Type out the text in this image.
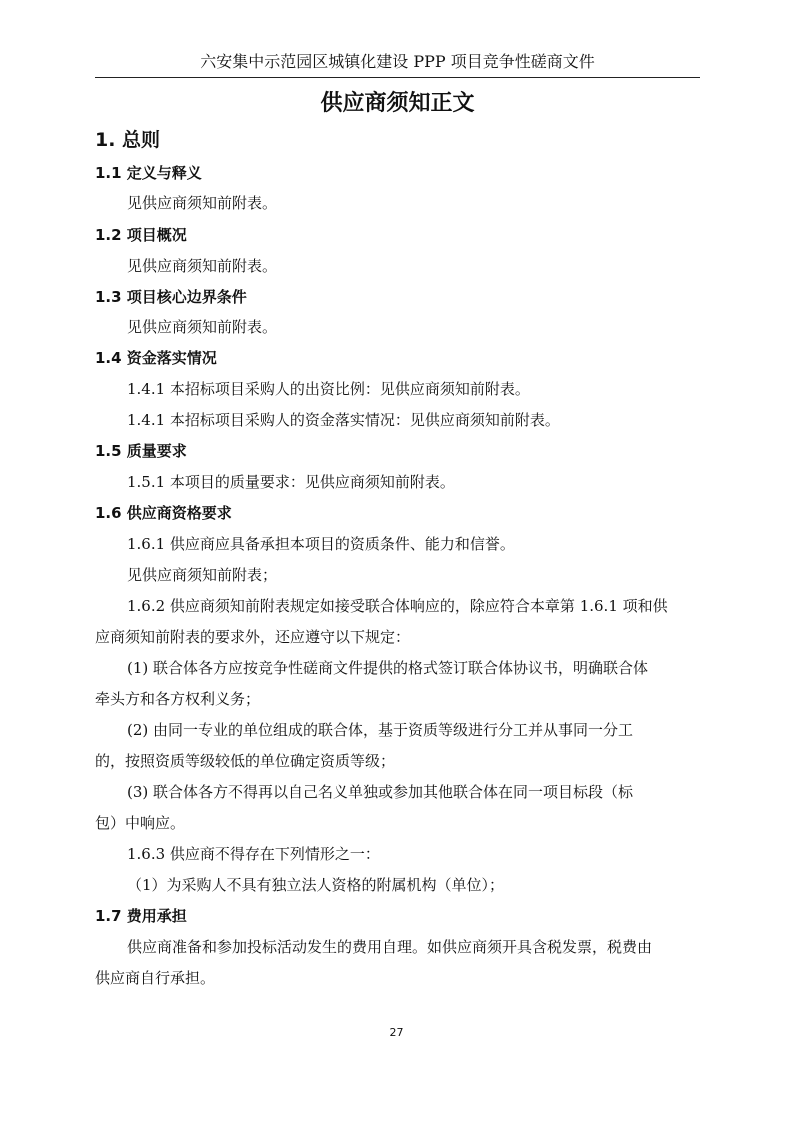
六安集中示范园区城镇化建设 PPP 项目竞争性磋商文件
供应商须知正文
1. 总则
1.1 定义与释义
见供应商须知前附表。
1.2 项目概况
见供应商须知前附表。
1.3 项目核心边界条件
见供应商须知前附表。
1.4 资金落实情况
1.4.1 本招标项目采购人的出资比例：见供应商须知前附表。
1.4.1 本招标项目采购人的资金落实情况：见供应商须知前附表。
1.5 质量要求
1.5.1 本项目的质量要求：见供应商须知前附表。
1.6 供应商资格要求
1.6.1 供应商应具备承担本项目的资质条件、能力和信誉。
见供应商须知前附表；
1.6.2 供应商须知前附表规定如接受联合体响应的，除应符合本章第 1.6.1 项和供
应商须知前附表的要求外，还应遵守以下规定：
(1) 联合体各方应按竞争性磋商文件提供的格式签订联合体协议书，明确联合体
牵头方和各方权利义务；
(2) 由同一专业的单位组成的联合体，基于资质等级进行分工并从事同一分工
的，按照资质等级较低的单位确定资质等级；
(3) 联合体各方不得再以自己名义单独或参加其他联合体在同一项目标段（标
包）中响应。
1.6.3 供应商不得存在下列情形之一：
（1）为采购人不具有独立法人资格的附属机构（单位）；
1.7 费用承担
供应商准备和参加投标活动发生的费用自理。如供应商须开具含税发票，税费由
供应商自行承担。
27
